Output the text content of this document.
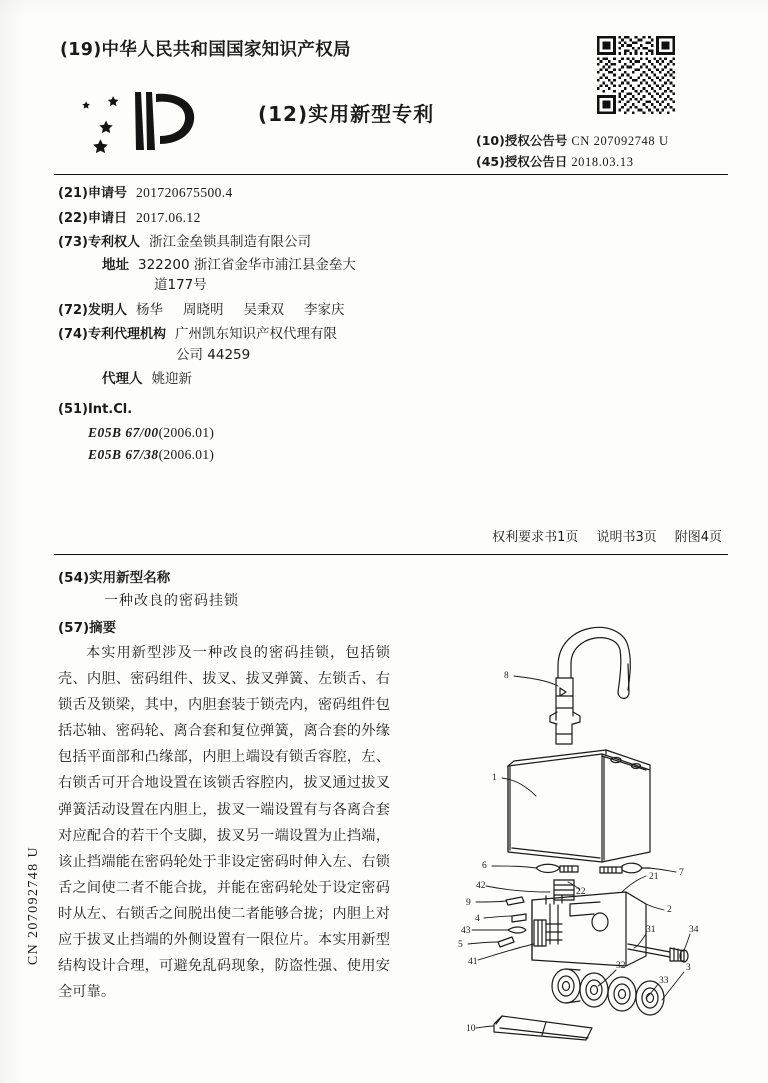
(19)中华人民共和国国家知识产权局
(12)实用新型专利
(10)授权公告号 CN 207092748 U
(45)授权公告日 2018.03.13
(21)申请号 201720675500.4
(22)申请日 2017.06.12
(73)专利权人 浙江金垒锁具制造有限公司
地址 322200 浙江省金华市浦江县金垒大
道177号
(72)发明人 杨华 周晓明 吴秉双 李家庆
(74)专利代理机构 广州凯东知识产权代理有限
公司 44259
代理人 姚迎新
(51)Int.Cl.
E05B 67/00(2006.01)
E05B 67/38(2006.01)
权利要求书1页 说明书3页 附图4页
(54)实用新型名称
一种改良的密码挂锁
(57)摘要
本实用新型涉及一种改良的密码挂锁，包括锁壳、内胆、密码组件、拔叉、拔叉弹簧、左锁舌、右锁舌及锁梁，其中，内胆套装于锁壳内，密码组件包括芯轴、密码轮、离合套和复位弹簧，离合套的外缘包括平面部和凸缘部，内胆上端设有锁舌容腔，左、右锁舌可开合地设置在该锁舌容腔内，拔叉通过拔叉弹簧活动设置在内胆上，拔叉一端设置有与各离合套对应配合的若干个支脚，拔叉另一端设置为止挡端，该止挡端能在密码轮处于非设定密码时伸入左、右锁舌之间使二者不能合拢，并能在密码轮处于设定密码时从左、右锁舌之间脱出使二者能够合拢；内胆上对应于拔叉止挡端的外侧设置有一限位片。本实用新型结构设计合理，可避免乱码现象，防盗性强、使用安全可靠。
CN 207092748 U
8
1
6
7
42
22
21
9
4
43
5
41
2
31	34
32
33
3
10
